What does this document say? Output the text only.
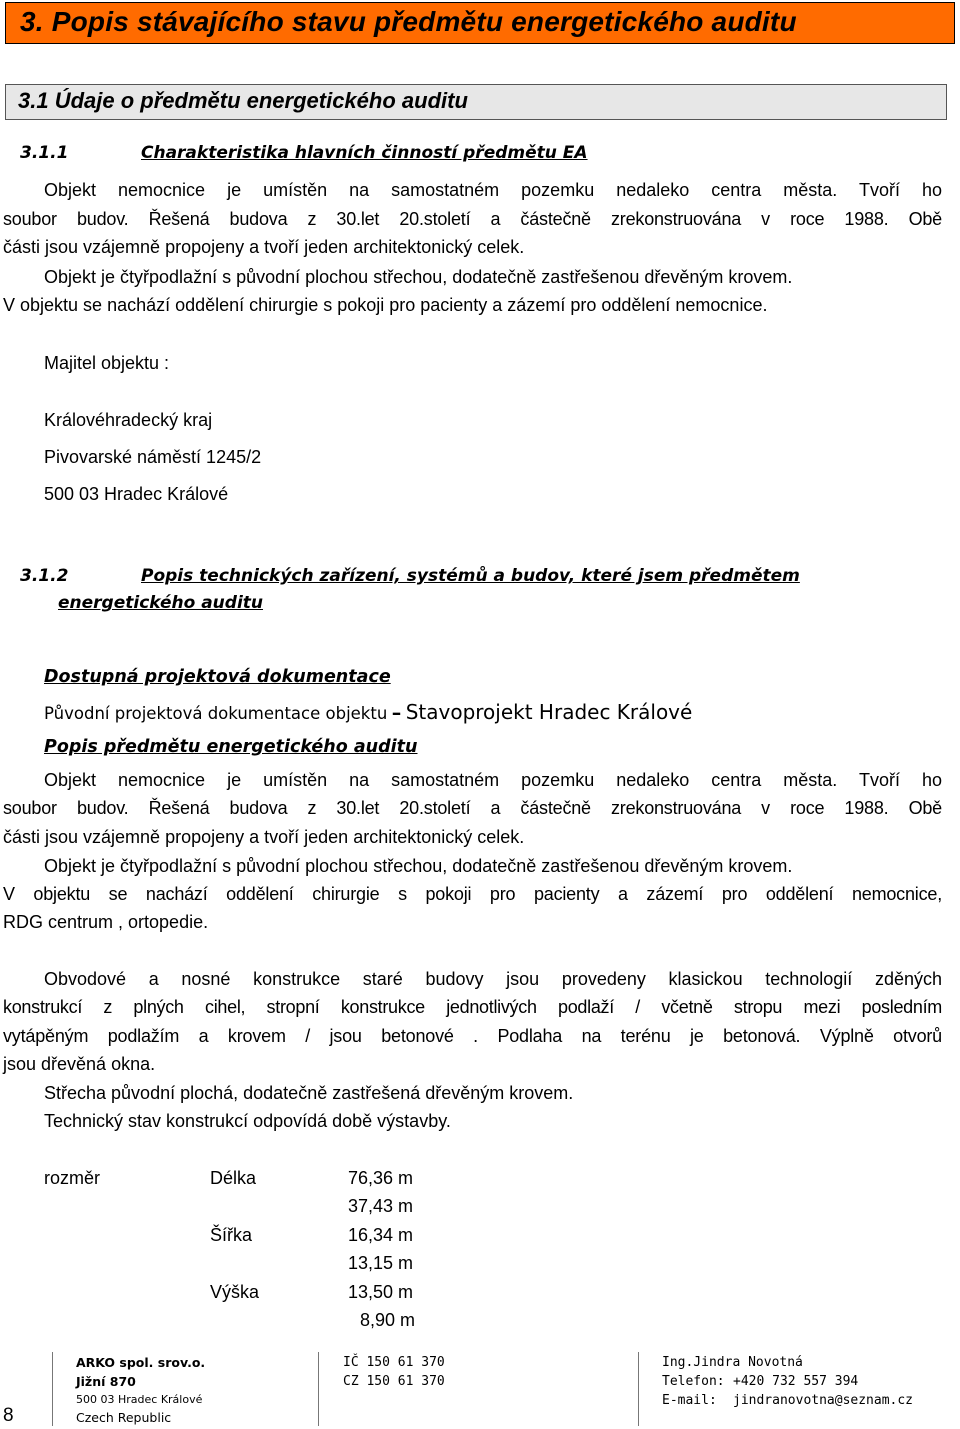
3. Popis stávajícího stavu předmětu energetického auditu
3.1 Údaje o předmětu energetického auditu
3.1.1	Charakteristika hlavních činností předmětu EA
Objekt nemocnice je umístěn na samostatném pozemku nedaleko centra města. Tvoří ho
soubor budov. Řešená budova z 30.let 20.století a částečně zrekonstruována v roce 1988. Obě
části jsou vzájemně propojeny a tvoří jeden architektonický celek.
Objekt je čtyřpodlažní s původní plochou střechou, dodatečně zastřešenou dřevěným krovem.
V objektu se nachází oddělení chirurgie s pokoji pro pacienty a zázemí pro oddělení nemocnice.
Majitel objektu :
Královéhradecký kraj
Pivovarské náměstí 1245/2
500 03 Hradec Králové
3.1.2	Popis technických zařízení, systémů a budov, které jsem předmětem
energetického auditu
Dostupná projektová dokumentace
Původní projektová dokumentace objektu – Stavoprojekt Hradec Králové
Popis předmětu energetického auditu
Objekt nemocnice je umístěn na samostatném pozemku nedaleko centra města. Tvoří ho
soubor budov. Řešená budova z 30.let 20.století a částečně zrekonstruována v roce 1988. Obě
části jsou vzájemně propojeny a tvoří jeden architektonický celek.
Objekt je čtyřpodlažní s původní plochou střechou, dodatečně zastřešenou dřevěným krovem.
V objektu se nachází oddělení chirurgie s pokoji pro pacienty a zázemí pro oddělení nemocnice,
RDG centrum , ortopedie.
Obvodové a nosné konstrukce staré budovy jsou provedeny klasickou technologií zděných
konstrukcí z plných cihel, stropní konstrukce jednotlivých podlaží / včetně stropu mezi posledním
vytápěným podlažím a krovem / jsou betonové . Podlaha na terénu je betonová. Výplně otvorů
jsou dřevěná okna.
Střecha původní plochá, dodatečně zastřešená dřevěným krovem.
Technický stav konstrukcí odpovídá době výstavby.
rozměr	Délka	76,36 m
37,43 m
Šířka	16,34 m
13,15 m
Výška	13,50 m
8,90 m
8
ARKO spol. srov.o.
Jižní 870
500 03 Hradec Králové
Czech Republic
IČ 150 61 370
CZ 150 61 370
Ing.Jindra Novotná
Telefon: +420 732 557 394
E-mail: jindranovotna@seznam.cz
